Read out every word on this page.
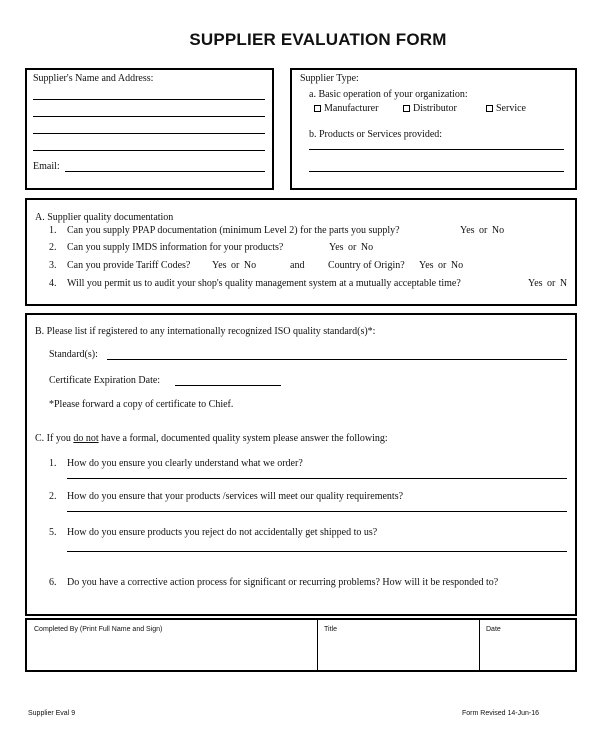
SUPPLIER EVALUATION FORM
Supplier's Name and Address:
Email:
Supplier Type:
a. Basic operation of your organization:
Manufacturer	Distributor	Service
b. Products or Services provided:
A. Supplier quality documentation
1. Can you supply PPAP documentation (minimum Level 2) for the parts you supply?	Yes or No
2. Can you supply IMDS information for your products?	Yes or No
3. Can you provide Tariff Codes? Yes or No	and Country of Origin? Yes or No
4. Will you permit us to audit your shop's quality management system at a mutually acceptable time?	Yes or N
B. Please list if registered to any internationally recognized ISO quality standard(s)*:
Standard(s):
Certificate Expiration Date:
*Please forward a copy of certificate to Chief.
C. If you do not have a formal, documented quality system please answer the following:
1. How do you ensure you clearly understand what we order?
2. How do you ensure that your products /services will meet our quality requirements?
5. How do you ensure products you reject do not accidentally get shipped to us?
6. Do you have a corrective action process for significant or recurring problems? How will it be responded to?
Completed By (Print Full Name and Sign)	Title	Date
Supplier Eval 9	Form Revised 14-Jun-16
